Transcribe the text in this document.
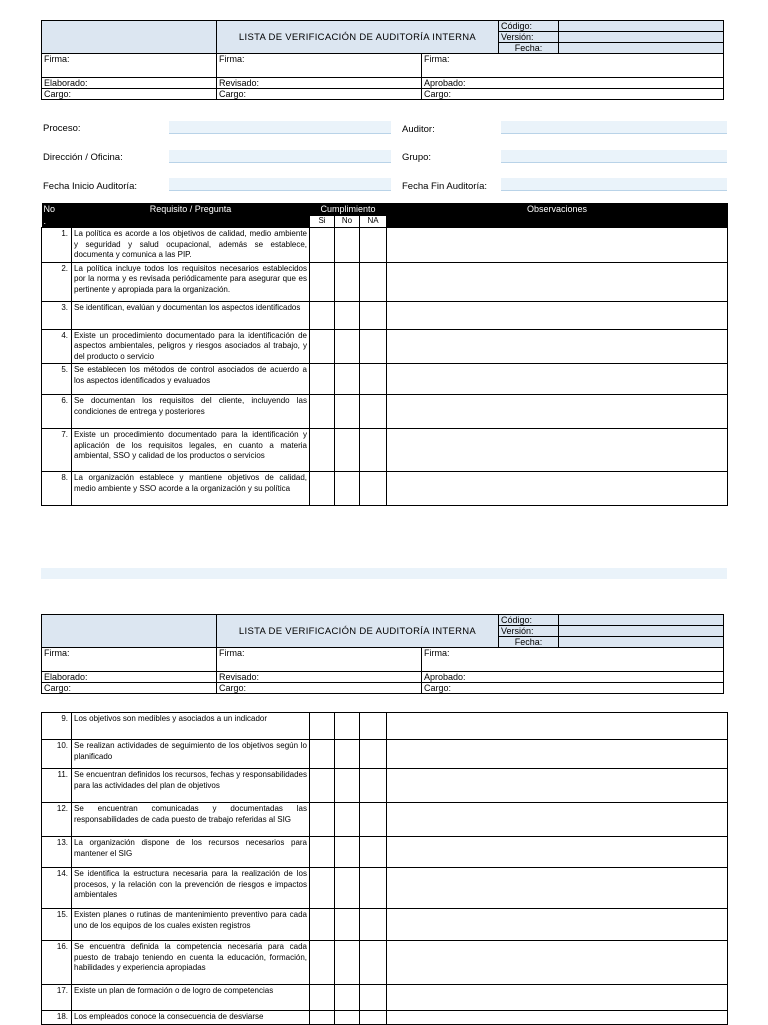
	LISTA DE VERIFICACIÓN DE AUDITORÍA INTERNA		Código:	
			Versión:	
			Fecha:	
Firma:	Firma:	Firma:		
Elaborado:	Revisado:	Aprobado:		
Cargo:	Cargo:	Cargo:		
Proceso:	Auditor:
Dirección / Oficina:	Grupo:
Fecha Inicio Auditoría:	Fecha Fin Auditoría:
No	Requisito / Pregunta	Cumplimiento			Observaciones
.		Si	No	NA	
1.	La política es acorde a los objetivos de calidad, medio ambiente y seguridad y salud ocupacional, además se establece, documenta y comunica a las PIP.				
2.	La política incluye todos los requisitos necesarios establecidos por la norma y es revisada periódicamente para asegurar que es pertinente y apropiada para la organización.				
3.	Se identifican, evalúan y documentan los aspectos identificados				
4.	Existe un procedimiento documentado para la identificación de aspectos ambientales, peligros y riesgos asociados al trabajo, y del producto o servicio				
5.	Se establecen los métodos de control asociados de acuerdo a los aspectos identificados y evaluados				
6.	Se documentan los requisitos del cliente, incluyendo las condiciones de entrega y posteriores				
7.	Existe un procedimiento documentado para la identificación y aplicación de los requisitos legales, en cuanto a materia ambiental, SSO y calidad de los productos o servicios				
8.	La organización establece y mantiene objetivos de calidad, medio ambiente y SSO acorde a la organización y su política				
	LISTA DE VERIFICACIÓN DE AUDITORÍA INTERNA		Código:	
			Versión:	
			Fecha:	
Firma:	Firma:	Firma:		
Elaborado:	Revisado:	Aprobado:		
Cargo:	Cargo:	Cargo:		
9.	Los objetivos son medibles y asociados a un indicador				
10.	Se realizan actividades de seguimiento de los objetivos según lo planificado				
11.	Se encuentran definidos los recursos, fechas y responsabilidades para las actividades del plan de objetivos				
12.	Se encuentran comunicadas y documentadas las responsabilidades de cada puesto de trabajo referidas al SIG				
13.	La organización dispone de los recursos necesarios para mantener el SIG				
14.	Se identifica la estructura necesaria para la realización de los procesos, y la relación con la prevención de riesgos e impactos ambientales				
15.	Existen planes o rutinas de mantenimiento preventivo para cada uno de los equipos de los cuales existen registros				
16.	Se encuentra definida la competencia necesaria para cada puesto de trabajo teniendo en cuenta la educación, formación, habilidades y experiencia apropiadas				
17.	Existe un plan de formación o de logro de competencias				
18.	Los empleados conoce la consecuencia de desviarse				
